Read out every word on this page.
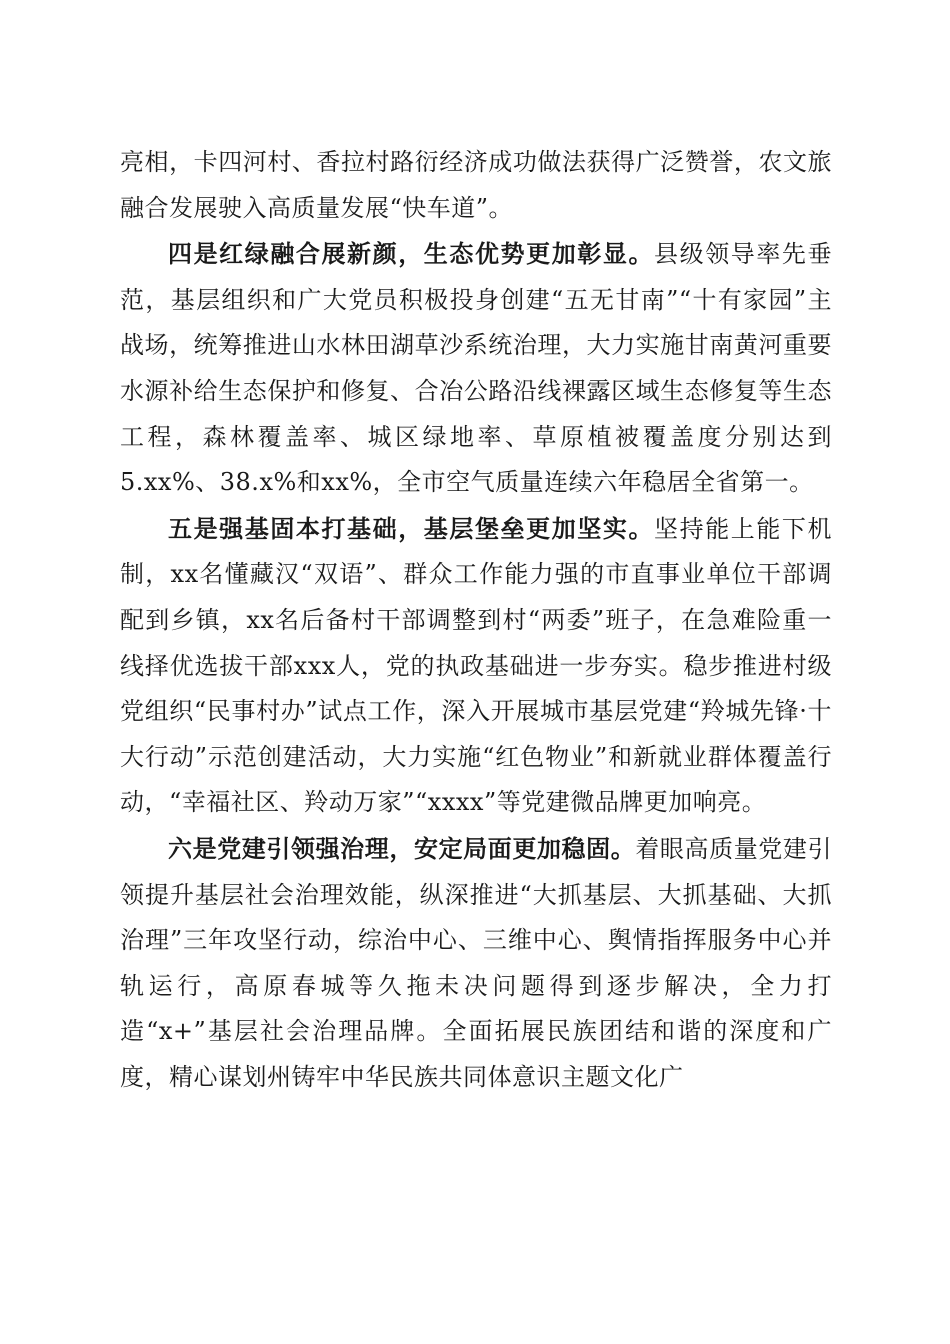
亮相，卡四河村、香拉村路衍经济成功做法获得广泛赞誉，农文旅融合发展驶入高质量发展“快车道”。

四是红绿融合展新颜，生态优势更加彰显。县级领导率先垂范，基层组织和广大党员积极投身创建“五无甘南”“十有家园”主战场，统筹推进山水林田湖草沙系统治理，大力实施甘南黄河重要水源补给生态保护和修复、合冶公路沿线裸露区域生态修复等生态工程，森林覆盖率、城区绿地率、草原植被覆盖度分别达到5.xx%、38.x%和xx%，全市空气质量连续六年稳居全省第一。

五是强基固本打基础，基层堡垒更加坚实。坚持能上能下机制，xx名懂藏汉“双语”、群众工作能力强的市直事业单位干部调配到乡镇，xx名后备村干部调整到村“两委”班子，在急难险重一线择优选拔干部xxx人，党的执政基础进一步夯实。稳步推进村级党组织“民事村办”试点工作，深入开展城市基层党建“羚城先锋·十大行动”示范创建活动，大力实施“红色物业”和新就业群体覆盖行动，“幸福社区、羚动万家”“xxxx”等党建微品牌更加响亮。

六是党建引领强治理，安定局面更加稳固。着眼高质量党建引领提升基层社会治理效能，纵深推进“大抓基层、大抓基础、大抓治理”三年攻坚行动，综治中心、三维中心、舆情指挥服务中心并轨运行，高原春城等久拖未决问题得到逐步解决，全力打造“x+”基层社会治理品牌。全面拓展民族团结和谐的深度和广度，精心谋划州铸牢中华民族共同体意识主题文化广
